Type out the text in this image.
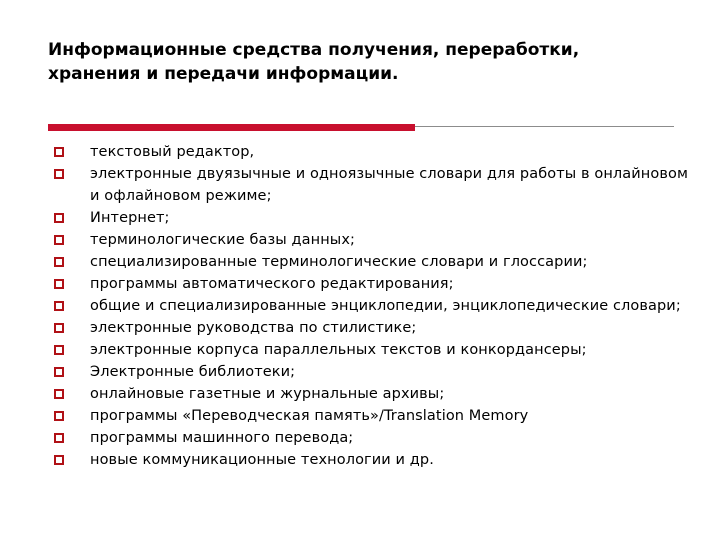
Информационные средства получения, переработки,
хранения и передачи информации.
текстовый редактор,
электронные двуязычные и одноязычные словари для работы в онлайновом и офлайновом режиме;
Интернет;
терминологические базы данных;
специализированные терминологические словари и глоссарии;
программы автоматического редактирования;
общие и специализированные энциклопедии, энциклопедические словари;
электронные руководства по стилистике;
электронные корпуса параллельных текстов и конкордансеры;
Электронные библиотеки;
онлайновые газетные и журнальные архивы;
программы «Переводческая память»/Translation Memory
программы машинного перевода;
новые коммуникационные технологии и др.
